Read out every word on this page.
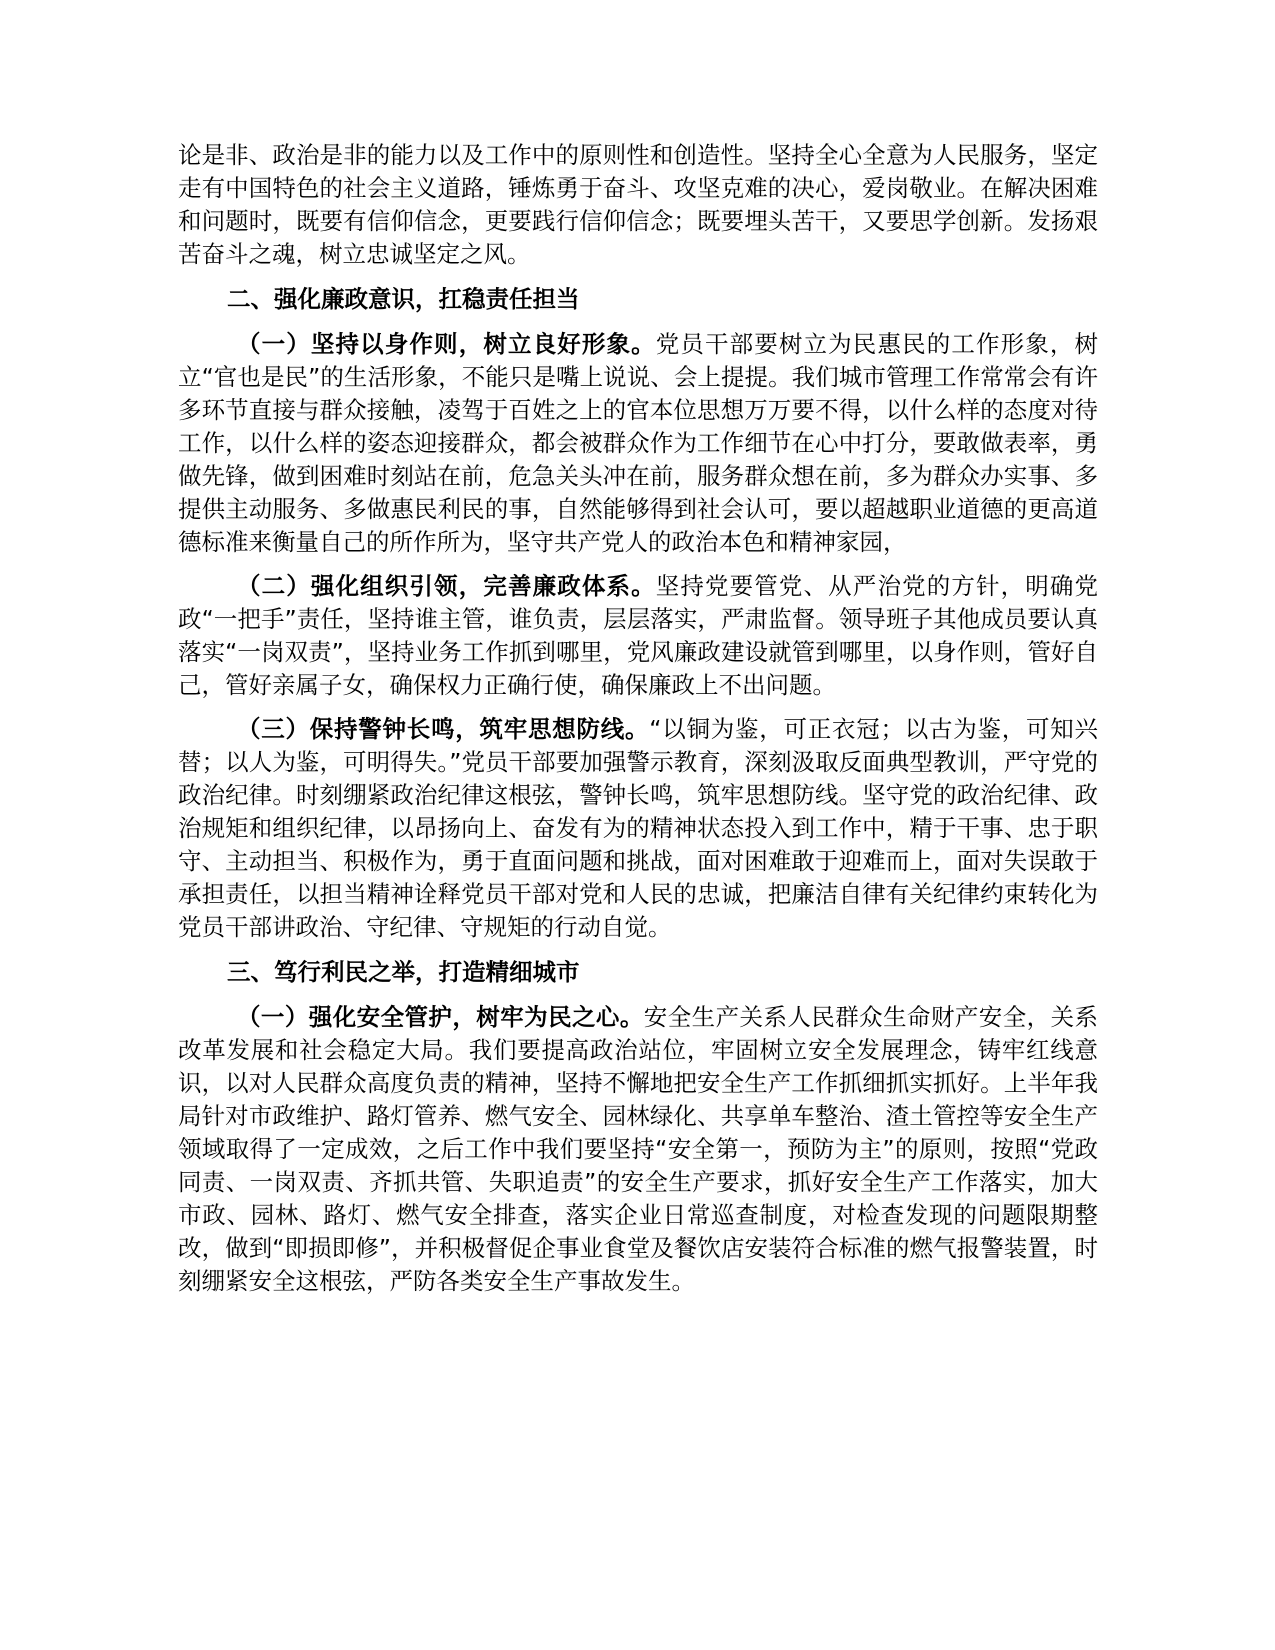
论是非、政治是非的能力以及工作中的原则性和创造性。坚持全心全意为人民服务，坚定走有中国特色的社会主义道路，锤炼勇于奋斗、攻坚克难的决心，爱岗敬业。在解决困难和问题时，既要有信仰信念，更要践行信仰信念；既要埋头苦干，又要思学创新。发扬艰苦奋斗之魂，树立忠诚坚定之风。

二、强化廉政意识，扛稳责任担当

（一）坚持以身作则，树立良好形象。党员干部要树立为民惠民的工作形象，树立“官也是民”的生活形象，不能只是嘴上说说、会上提提。我们城市管理工作常常会有许多环节直接与群众接触，凌驾于百姓之上的官本位思想万万要不得，以什么样的态度对待工作，以什么样的姿态迎接群众，都会被群众作为工作细节在心中打分，要敢做表率，勇做先锋，做到困难时刻站在前，危急关头冲在前，服务群众想在前，多为群众办实事、多提供主动服务、多做惠民利民的事，自然能够得到社会认可，要以超越职业道德的更高道德标准来衡量自己的所作所为，坚守共产党人的政治本色和精神家园，

（二）强化组织引领，完善廉政体系。坚持党要管党、从严治党的方针，明确党政“一把手”责任，坚持谁主管，谁负责，层层落实，严肃监督。领导班子其他成员要认真落实“一岗双责”，坚持业务工作抓到哪里，党风廉政建设就管到哪里，以身作则，管好自己，管好亲属子女，确保权力正确行使，确保廉政上不出问题。

（三）保持警钟长鸣，筑牢思想防线。“以铜为鉴，可正衣冠；以古为鉴，可知兴替；以人为鉴，可明得失。”党员干部要加强警示教育，深刻汲取反面典型教训，严守党的政治纪律。时刻绷紧政治纪律这根弦，警钟长鸣，筑牢思想防线。坚守党的政治纪律、政治规矩和组织纪律，以昂扬向上、奋发有为的精神状态投入到工作中，精于干事、忠于职守、主动担当、积极作为，勇于直面问题和挑战，面对困难敢于迎难而上，面对失误敢于承担责任，以担当精神诠释党员干部对党和人民的忠诚，把廉洁自律有关纪律约束转化为党员干部讲政治、守纪律、守规矩的行动自觉。

三、笃行利民之举，打造精细城市

（一）强化安全管护，树牢为民之心。安全生产关系人民群众生命财产安全，关系改革发展和社会稳定大局。我们要提高政治站位，牢固树立安全发展理念，铸牢红线意识，以对人民群众高度负责的精神，坚持不懈地把安全生产工作抓细抓实抓好。上半年我局针对市政维护、路灯管养、燃气安全、园林绿化、共享单车整治、渣土管控等安全生产领域取得了一定成效，之后工作中我们要坚持“安全第一，预防为主”的原则，按照“党政同责、一岗双责、齐抓共管、失职追责”的安全生产要求，抓好安全生产工作落实，加大市政、园林、路灯、燃气安全排查，落实企业日常巡查制度，对检查发现的问题限期整改，做到“即损即修”，并积极督促企事业食堂及餐饮店安装符合标准的燃气报警装置，时刻绷紧安全这根弦，严防各类安全生产事故发生。
